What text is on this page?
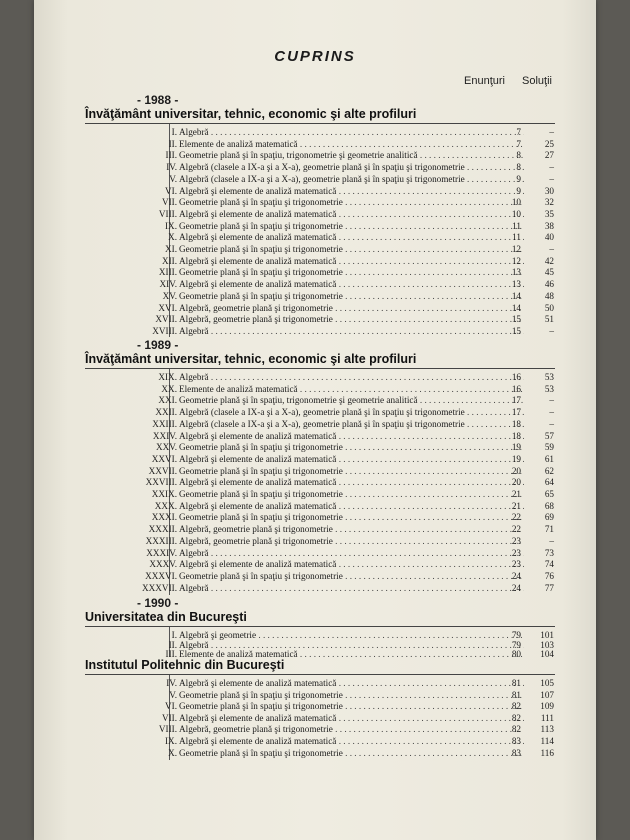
CUPRINS
Enunţuri Soluţii
- 1988 -
Învăţământ universitar, tehnic, economic şi alte profiluri
- 1989 -
Învăţământ universitar, tehnic, economic şi alte profiluri
- 1990 -
Universitatea din Bucureşti
Institutul Politehnic din Bucureşti
I. Algebră . . .	7	–
II. Elemente de analiză matematică . . .	7	25
III. Geometrie plană şi în spaţiu, trigonometrie şi geometrie analitică . . .	8	27
IV. Algebră (clasele a IX-a şi a X-a), geometrie plană şi în spaţiu şi trigonometrie . . .	8	–
V. Algebră (clasele a IX-a şi a X-a), geometrie plană şi în spaţiu şi trigonometrie . . .	9	–
VI. Algebră şi elemente de analiză matematică . . .	9	30
VII. Geometrie plană şi în spaţiu şi trigonometrie . . .	10	32
VIII. Algebră şi elemente de analiză matematică . . .	10	35
IX. Geometrie plană şi în spaţiu şi trigonometrie . . .	11	38
X. Algebră şi elemente de analiză matematică . . .	11	40
XI. Geometrie plană şi în spaţiu şi trigonometrie . . .	12	–
XII. Algebră şi elemente de analiză matematică . . .	12	42
XIII. Geometrie plană şi în spaţiu şi trigonometrie . . .	13	45
XIV. Algebră şi elemente de analiză matematică . . .	13	46
XV. Geometrie plană şi în spaţiu şi trigonometrie . . .	14	48
XVI. Algebră, geometrie plană şi trigonometrie . . .	14	50
XVII. Algebră, geometrie plană şi trigonometrie . . .	15	51
XVIII. Algebră . . .	15	–
XIX. Algebră . . .	16	53
XX. Elemente de analiză matematică . . .	16	53
XXI. Geometrie plană şi în spaţiu, trigonometrie şi geometrie analitică . . .	17	–
XXII. Algebră (clasele a IX-a şi a X-a), geometrie plană şi în spaţiu şi trigonometrie . . .	17	–
XXIII. Algebră (clasele a IX-a şi a X-a), geometrie plană şi în spaţiu şi trigonometrie . . .	18	–
XXIV. Algebră şi elemente de analiză matematică . . .	18	57
XXV. Geometrie plană şi în spaţiu şi trigonometrie . . .	19	59
XXVI. Algebră şi elemente de analiză matematică . . .	19	61
XXVII. Geometrie plană şi în spaţiu şi trigonometrie . . .	20	62
XXVIII. Algebră şi elemente de analiză matematică . . .	20	64
XXIX. Geometrie plană şi în spaţiu şi trigonometrie . . .	21	65
XXX. Algebră şi elemente de analiză matematică . . .	21	68
XXXI. Geometrie plană şi în spaţiu şi trigonometrie . . .	22	69
XXXII. Algebră, geometrie plană şi trigonometrie . . .	22	71
XXXIII. Algebră, geometrie plană şi trigonometrie . . .	23	–
XXXIV. Algebră . . .	23	73
XXXV. Algebră şi elemente de analiză matematică . . .	23	74
XXXVI. Geometrie plană şi în spaţiu şi trigonometrie . . .	24	76
XXXVII. Algebră . . .	24	77
I. Algebră şi geometrie . . .	79	101
II. Algebră . . .	79	103
III. Elemente de analiză matematică . . .	80	104
IV. Algebră şi elemente de analiză matematică . . .	81	105
V. Geometrie plană şi în spaţiu şi trigonometrie . . .	81	107
VI. Geometrie plană şi în spaţiu şi trigonometrie . . .	82	109
VII. Algebră şi elemente de analiză matematică . . .	82	111
VIII. Algebră, geometrie plană şi trigonometrie . . .	82	113
IX. Algebră şi elemente de analiză matematică . . .	83	114
X. Geometrie plană şi în spaţiu şi trigonometrie . . .	83	116
